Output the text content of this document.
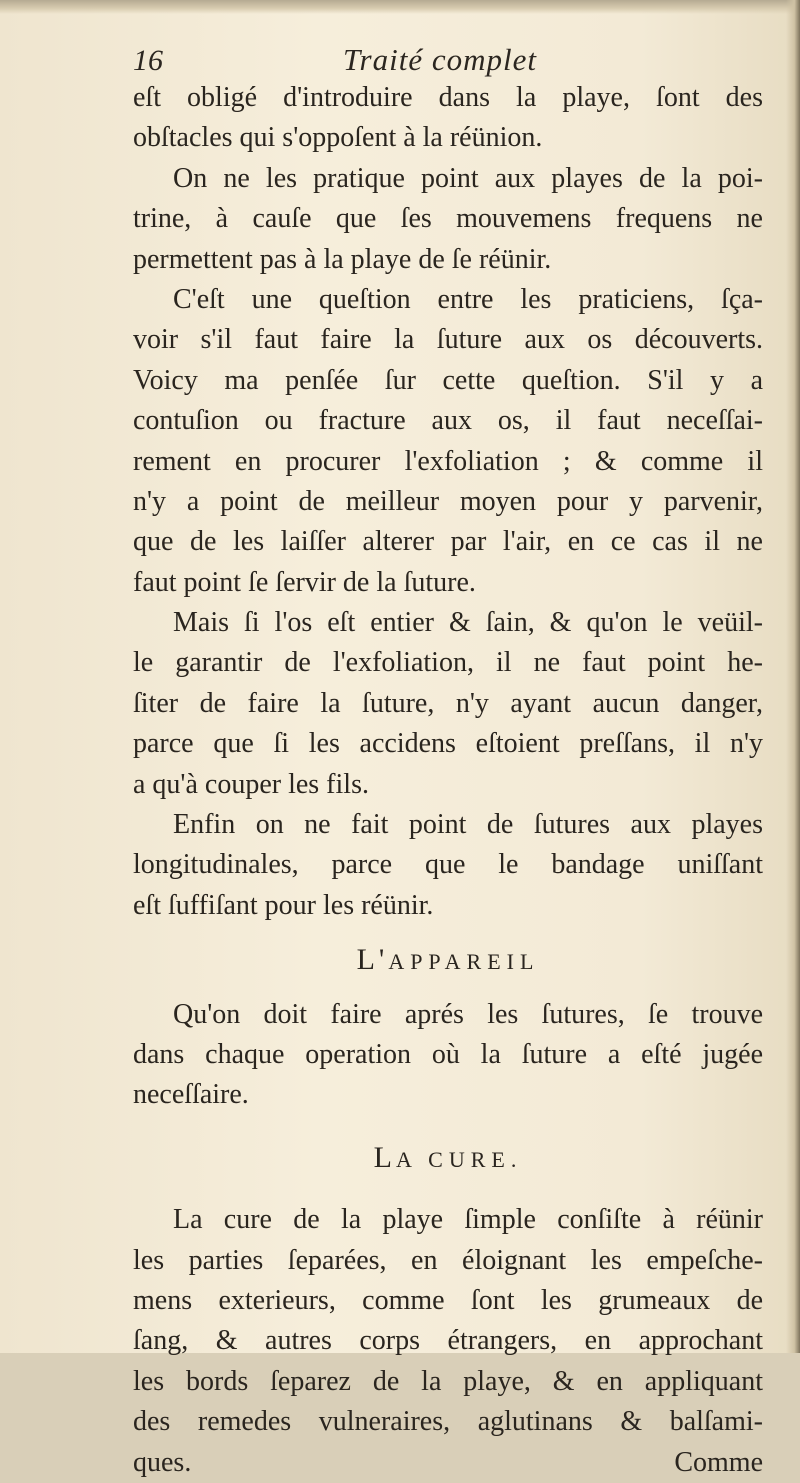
16	Traité complet
eſt obligé d'introduire dans la playe, ſont des
obſtacles qui s'oppoſent à la réünion.
On ne les pratique point aux playes de la poi-
trine, à cauſe que ſes mouvemens frequens ne
permettent pas à la playe de ſe réünir.
C'eſt une queſtion entre les praticiens, ſça-
voir s'il faut faire la ſuture aux os découverts.
Voicy ma penſée ſur cette queſtion. S'il y a
contuſion ou fracture aux os, il faut neceſſai-
rement en procurer l'exfoliation ; & comme il
n'y a point de meilleur moyen pour y parvenir,
que de les laiſſer alterer par l'air, en ce cas il ne
faut point ſe ſervir de la ſuture.
Mais ſi l'os eſt entier & ſain, & qu'on le veüil-
le garantir de l'exfoliation, il ne faut point he-
ſiter de faire la ſuture, n'y ayant aucun danger,
parce que ſi les accidens eſtoient preſſans, il n'y
a qu'à couper les fils.
Enfin on ne fait point de ſutures aux playes
longitudinales, parce que le bandage uniſſant
eſt ſuffiſant pour les réünir.
L'APPAREIL
Qu'on doit faire aprés les ſutures, ſe trouve
dans chaque operation où la ſuture a eſté jugée
neceſſaire.
LA CURE.
La cure de la playe ſimple conſiſte à réünir
les parties ſeparées, en éloignant les empeſche-
mens exterieurs, comme ſont les grumeaux de
ſang, & autres corps étrangers, en approchant
les bords ſeparez de la playe, & en appliquant
des remedes vulneraires, aglutinans & balſami-
ques.	Comme
